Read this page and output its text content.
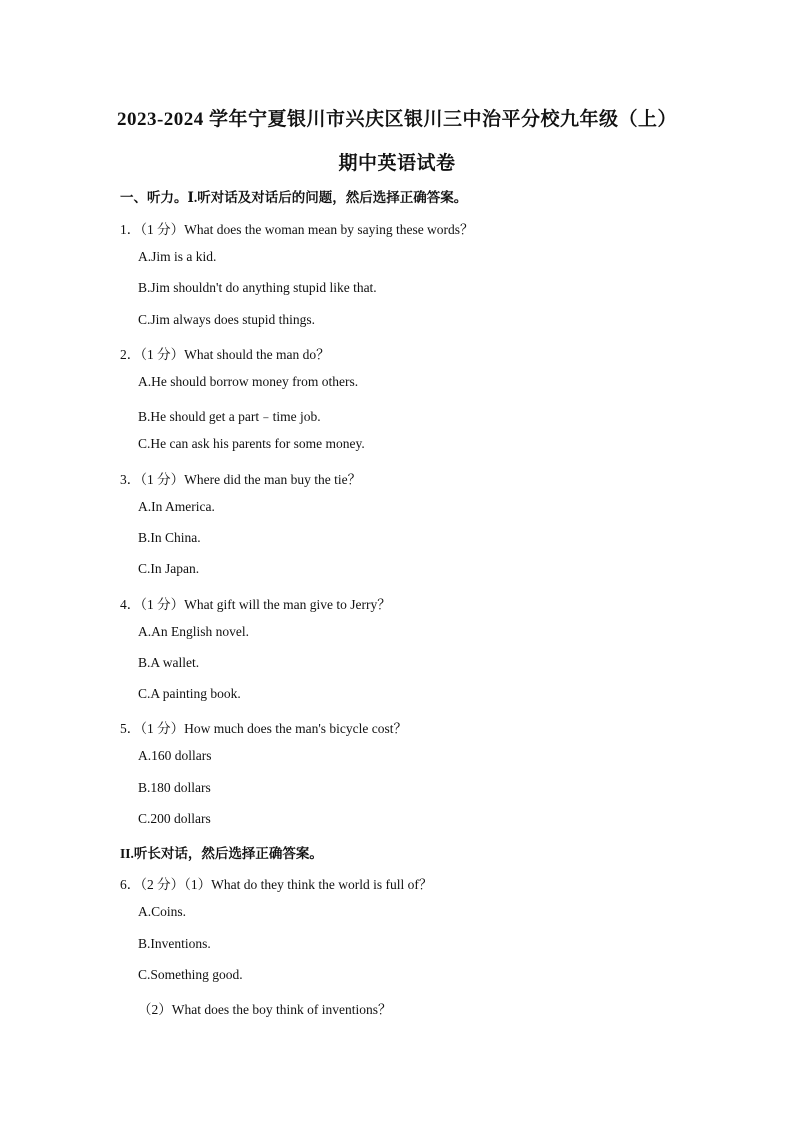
2023-2024 学年宁夏银川市兴庆区银川三中治平分校九年级（上）
期中英语试卷
一、听力。Ⅰ.听对话及对话后的问题，然后选择正确答案。
1．（1 分）What does the woman mean by saying these words？
A.Jim is a kid.
B.Jim shouldn't do anything stupid like that.
C.Jim always does stupid things.
2．（1 分）What should the man do？
A.He should borrow money from others.
B.He should get a part﹣time job.
C.He can ask his parents for some money.
3．（1 分）Where did the man buy the tie？
A.In America.
B.In China.
C.In Japan.
4．（1 分）What gift will the man give to Jerry？
A.An English novel.
B.A wallet.
C.A painting book.
5．（1 分）How much does the man's bicycle cost？
A.160 dollars
B.180 dollars
C.200 dollars
II.听长对话，然后选择正确答案。
6．（2 分）（1）What do they think the world is full of？
A.Coins.
B.Inventions.
C.Something good.
（2）What does the boy think of inventions？
